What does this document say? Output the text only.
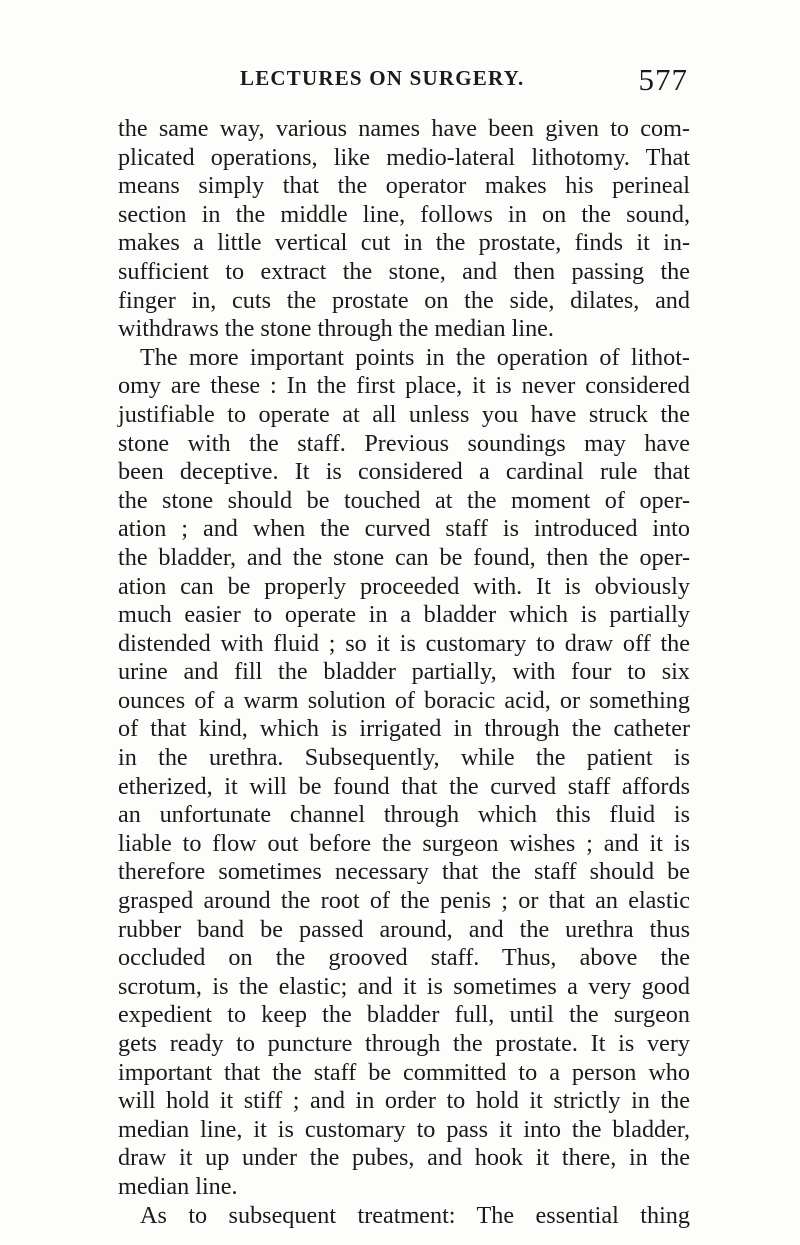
LECTURES ON SURGERY.	577
the same way, various names have been given to com-
plicated operations, like medio-lateral lithotomy. That
means simply that the operator makes his perineal
section in the middle line, follows in on the sound,
makes a little vertical cut in the prostate, finds it in-
sufficient to extract the stone, and then passing the
finger in, cuts the prostate on the side, dilates, and
withdraws the stone through the median line.
The more important points in the operation of lithot-
omy are these : In the first place, it is never considered
justifiable to operate at all unless you have struck the
stone with the staff. Previous soundings may have
been deceptive. It is considered a cardinal rule that
the stone should be touched at the moment of oper-
ation ; and when the curved staff is introduced into
the bladder, and the stone can be found, then the oper-
ation can be properly proceeded with. It is obviously
much easier to operate in a bladder which is partially
distended with fluid ; so it is customary to draw off the
urine and fill the bladder partially, with four to six
ounces of a warm solution of boracic acid, or something
of that kind, which is irrigated in through the catheter
in the urethra. Subsequently, while the patient is
etherized, it will be found that the curved staff affords
an unfortunate channel through which this fluid is
liable to flow out before the surgeon wishes ; and it is
therefore sometimes necessary that the staff should be
grasped around the root of the penis ; or that an elastic
rubber band be passed around, and the urethra thus
occluded on the grooved staff. Thus, above the
scrotum, is the elastic; and it is sometimes a very good
expedient to keep the bladder full, until the surgeon
gets ready to puncture through the prostate. It is very
important that the staff be committed to a person who
will hold it stiff ; and in order to hold it strictly in the
median line, it is customary to pass it into the bladder,
draw it up under the pubes, and hook it there, in the
median line.
As to subsequent treatment: The essential thing
